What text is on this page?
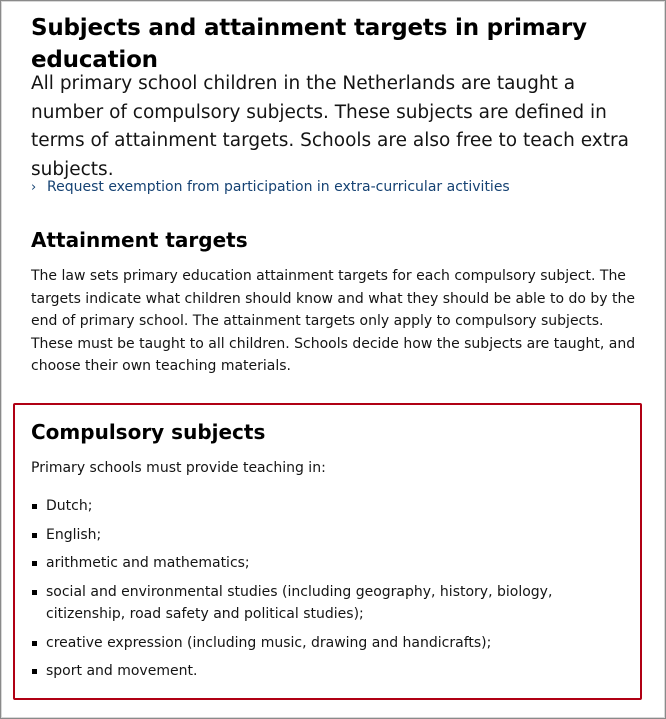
Subjects and attainment targets in primary education

All primary school children in the Netherlands are taught a number of compulsory subjects. These subjects are defined in terms of attainment targets. Schools are also free to teach extra subjects.

› Request exemption from participation in extra-curricular activities
Attainment targets

The law sets primary education attainment targets for each compulsory subject. The targets indicate what children should know and what they should be able to do by the end of primary school. The attainment targets only apply to compulsory subjects. These must be taught to all children. Schools decide how the subjects are taught, and choose their own teaching materials.

Compulsory subjects

Primary schools must provide teaching in:

Dutch;
English;
arithmetic and mathematics;
social and environmental studies (including geography, history, biology, citizenship, road safety and political studies);
creative expression (including music, drawing and handicrafts);
sport and movement.
